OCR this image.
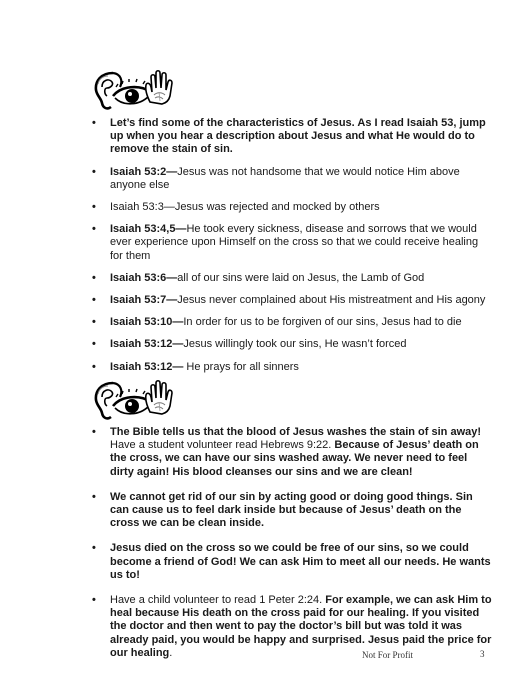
• Let’s find some of the characteristics of Jesus. As I read Isaiah 53, jump up when you hear a description about Jesus and what He would do to remove the stain of sin.
• Isaiah 53:2—Jesus was not handsome that we would notice Him above anyone else
• Isaiah 53:3—Jesus was rejected and mocked by others
• Isaiah 53:4,5—He took every sickness, disease and sorrows that we would ever experience upon Himself on the cross so that we could receive healing for them
• Isaiah 53:6—all of our sins were laid on Jesus, the Lamb of God
• Isaiah 53:7—Jesus never complained about His mistreatment and His agony
• Isaiah 53:10—In order for us to be forgiven of our sins, Jesus had to die
• Isaiah 53:12—Jesus willingly took our sins, He wasn’t forced
• Isaiah 53:12— He prays for all sinners
• The Bible tells us that the blood of Jesus washes the stain of sin away! Have a student volunteer read Hebrews 9:22. Because of Jesus’ death on the cross, we can have our sins washed away. We never need to feel dirty again! His blood cleanses our sins and we are clean!
• We cannot get rid of our sin by acting good or doing good things. Sin can cause us to feel dark inside but because of Jesus’ death on the cross we can be clean inside.
• Jesus died on the cross so we could be free of our sins, so we could become a friend of God! We can ask Him to meet all our needs. He wants us to!
• Have a child volunteer to read 1 Peter 2:24. For example, we can ask Him to heal because His death on the cross paid for our healing. If you visited the doctor and then went to pay the doctor’s bill but was told it was already paid, you would be happy and surprised. Jesus paid the price for our healing.	Not For Profit	3
